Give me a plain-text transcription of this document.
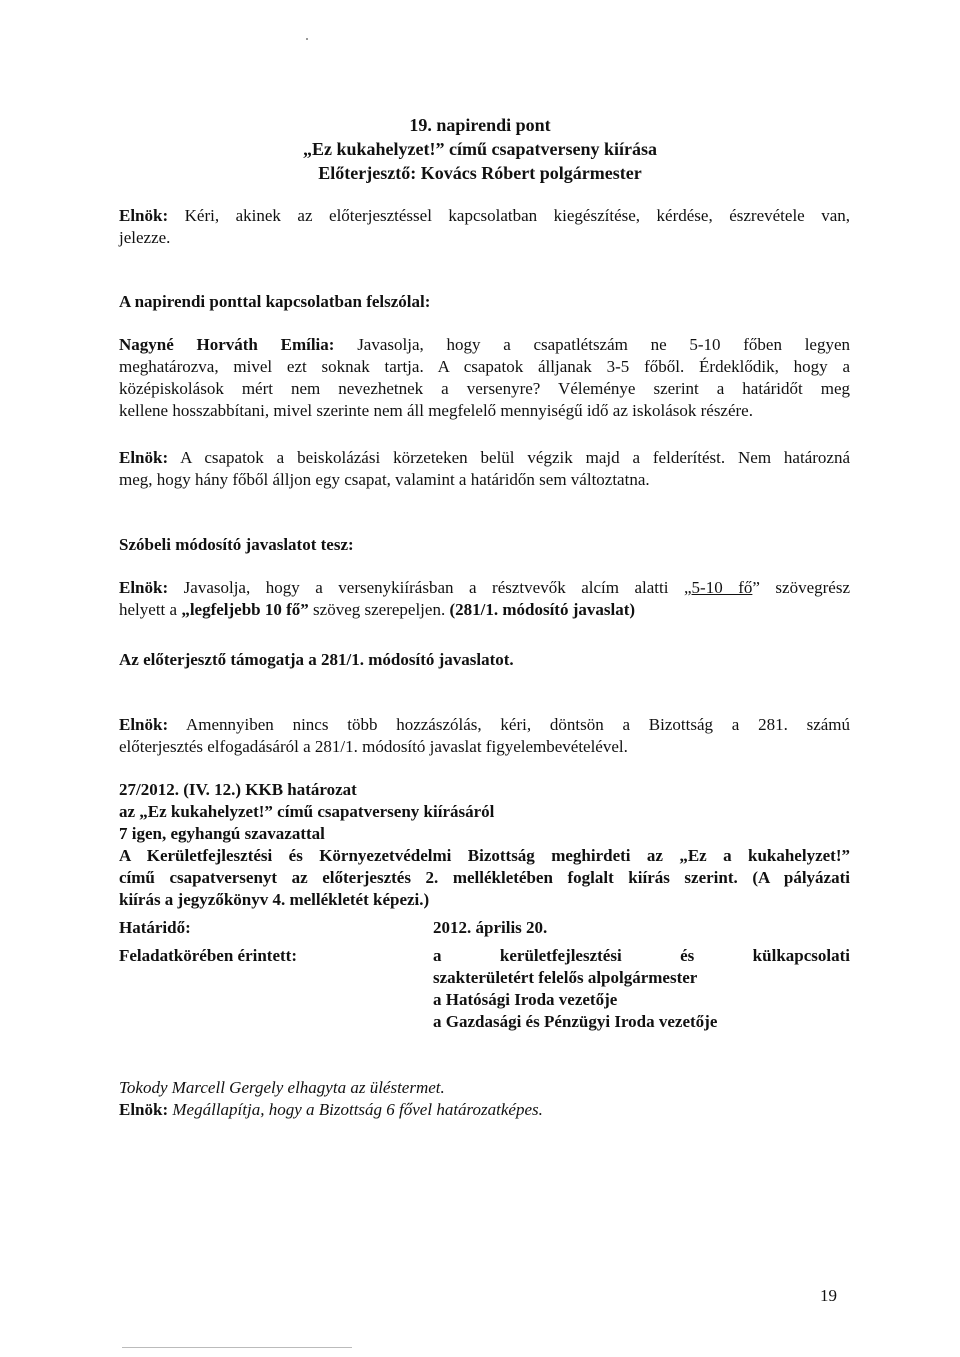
19. napirendi pont
„Ez kukahelyzet!” című csapatverseny kiírása
Előterjesztő: Kovács Róbert polgármester
Elnök: Kéri, akinek az előterjesztéssel kapcsolatban kiegészítése, kérdése, észrevétele van,
jelezze.
A napirendi ponttal kapcsolatban felszólal:
Nagyné Horváth Emília: Javasolja, hogy a csapatlétszám ne 5-10 főben legyen
meghatározva, mivel ezt soknak tartja. A csapatok álljanak 3-5 főből. Érdeklődik, hogy a
középiskolások mért nem nevezhetnek a versenyre? Véleménye szerint a határidőt meg
kellene hosszabbítani, mivel szerinte nem áll megfelelő mennyiségű idő az iskolások részére.
Elnök: A csapatok a beiskolázási körzeteken belül végzik majd a felderítést. Nem határozná
meg, hogy hány főből álljon egy csapat, valamint a határidőn sem változtatna.
Szóbeli módosító javaslatot tesz:
Elnök: Javasolja, hogy a versenykiírásban a résztvevők alcím alatti „5-10 fő” szövegrész
helyett a „legfeljebb 10 fő” szöveg szerepeljen. (281/1. módosító javaslat)
Az előterjesztő támogatja a 281/1. módosító javaslatot.
Elnök: Amennyiben nincs több hozzászólás, kéri, döntsön a Bizottság a 281. számú
előterjesztés elfogadásáról a 281/1. módosító javaslat figyelembevételével.
27/2012. (IV. 12.) KKB határozat
az „Ez kukahelyzet!” című csapatverseny kiírásáról
7 igen, egyhangú szavazattal
A Kerületfejlesztési és Környezetvédelmi Bizottság meghirdeti az „Ez a kukahelyzet!”
című csapatversenyt az előterjesztés 2. mellékletében foglalt kiírás szerint. (A pályázati
kiírás a jegyzőkönyv 4. mellékletét képezi.)
Határidő:	2012. április 20.
Feladatkörében érintett:	a kerületfejlesztési és külkapcsolati
szakterületért felelős alpolgármester
a Hatósági Iroda vezetője
a Gazdasági és Pénzügyi Iroda vezetője
Tokody Marcell Gergely elhagyta az üléstermet.
Elnök: Megállapítja, hogy a Bizottság 6 fővel határozatképes.
19
